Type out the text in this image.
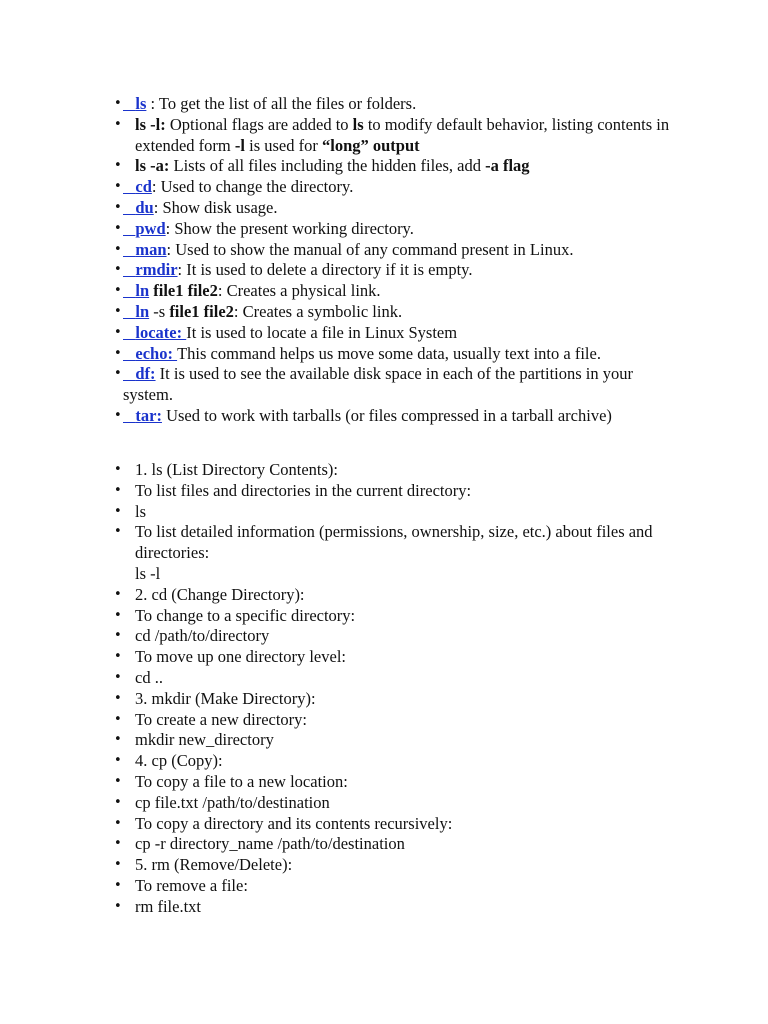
• ls : To get the list of all the files or folders.
• ls -l: Optional flags are added to ls to modify default behavior, listing contents in extended form -l is used for “long” output
• ls -a: Lists of all files including the hidden files, add -a flag
• cd: Used to change the directory.
• du: Show disk usage.
• pwd: Show the present working directory.
• man: Used to show the manual of any command present in Linux.
• rmdir: It is used to delete a directory if it is empty.
• ln file1 file2: Creates a physical link.
• ln -s file1 file2: Creates a symbolic link.
• locate: It is used to locate a file in Linux System
• echo: This command helps us move some data, usually text into a file.
• df: It is used to see the available disk space in each of the partitions in your system.
• tar: Used to work with tarballs (or files compressed in a tarball archive)
• 1. ls (List Directory Contents):
• To list files and directories in the current directory:
• ls
• To list detailed information (permissions, ownership, size, etc.) about files and directories:
ls -l
• 2. cd (Change Directory):
• To change to a specific directory:
• cd /path/to/directory
• To move up one directory level:
• cd ..
• 3. mkdir (Make Directory):
• To create a new directory:
• mkdir new_directory
• 4. cp (Copy):
• To copy a file to a new location:
• cp file.txt /path/to/destination
• To copy a directory and its contents recursively:
• cp -r directory_name /path/to/destination
• 5. rm (Remove/Delete):
• To remove a file:
• rm file.txt
